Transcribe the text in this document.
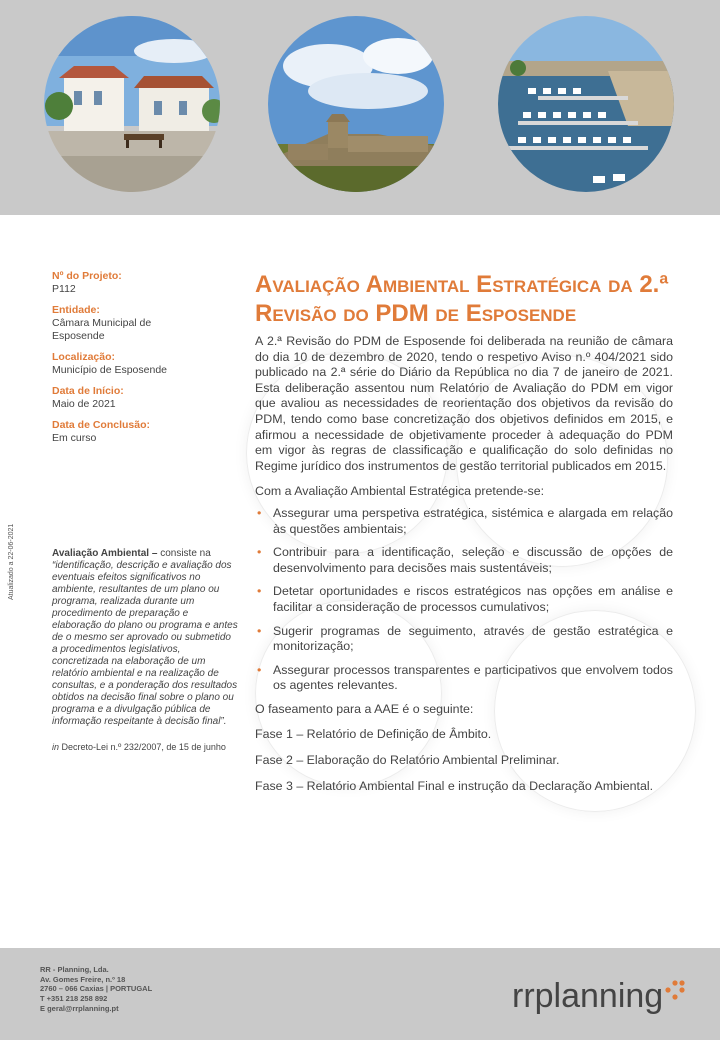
Atualizado a 22-06-2021
Nº do Projeto:
P112
Entidade:
Câmara Municipal de Esposende
Localização:
Município de Esposende
Data de Início:
Maio de 2021
Data de Conclusão:
Em curso
Avaliação Ambiental – consiste na “identificação, descrição e avaliação dos eventuais efeitos significativos no ambiente, resultantes de um plano ou programa, realizada durante um procedimento de preparação e elaboração do plano ou programa e antes de o mesmo ser aprovado ou submetido a procedimentos legislativos, concretizada na elaboração de um relatório ambiental e na realização de consultas, e a ponderação dos resultados obtidos na decisão final sobre o plano ou programa e a divulgação pública de informação respeitante à decisão final”.
in Decreto-Lei n.º 232/2007, de 15 de junho
Avaliação Ambiental Estratégica da 2.ª Revisão do PDM de Esposende

A 2.ª Revisão do PDM de Esposende foi deliberada na reunião de câmara do dia 10 de dezembro de 2020, tendo o respetivo Aviso n.º 404/2021 sido publicado na 2.ª série do Diário da República no dia 7 de janeiro de 2021. Esta deliberação assentou num Relatório de Avaliação do PDM em vigor que avaliou as necessidades de reorientação dos objetivos da revisão do PDM, tendo como base concretização dos objetivos definidos em 2015, e afirmou a necessidade de objetivamente proceder à adequação do PDM em vigor às regras de classificação e qualificação do solo definidas no Regime jurídico dos instrumentos de gestão territorial publicados em 2015.

Com a Avaliação Ambiental Estratégica pretende-se:

• Assegurar uma perspetiva estratégica, sistémica e alargada em relação às questões ambientais;
• Contribuir para a identificação, seleção e discussão de opções de desenvolvimento para decisões mais sustentáveis;
• Detetar oportunidades e riscos estratégicos nas opções em análise e facilitar a consideração de processos cumulativos;
• Sugerir programas de seguimento, através de gestão estratégica e monitorização;
• Assegurar processos transparentes e participativos que envolvem todos os agentes relevantes.

O faseamento para a AAE é o seguinte:

Fase 1 – Relatório de Definição de Âmbito.

Fase 2 – Elaboração do Relatório Ambiental Preliminar.

Fase 3 – Relatório Ambiental Final e instrução da Declaração Ambiental.

RR - Planning, Lda.
Av. Gomes Freire, n.º 18
2760 – 066 Caxias | PORTUGAL
T +351 218 258 892
E geral@rrplanning.pt	rrplanning
